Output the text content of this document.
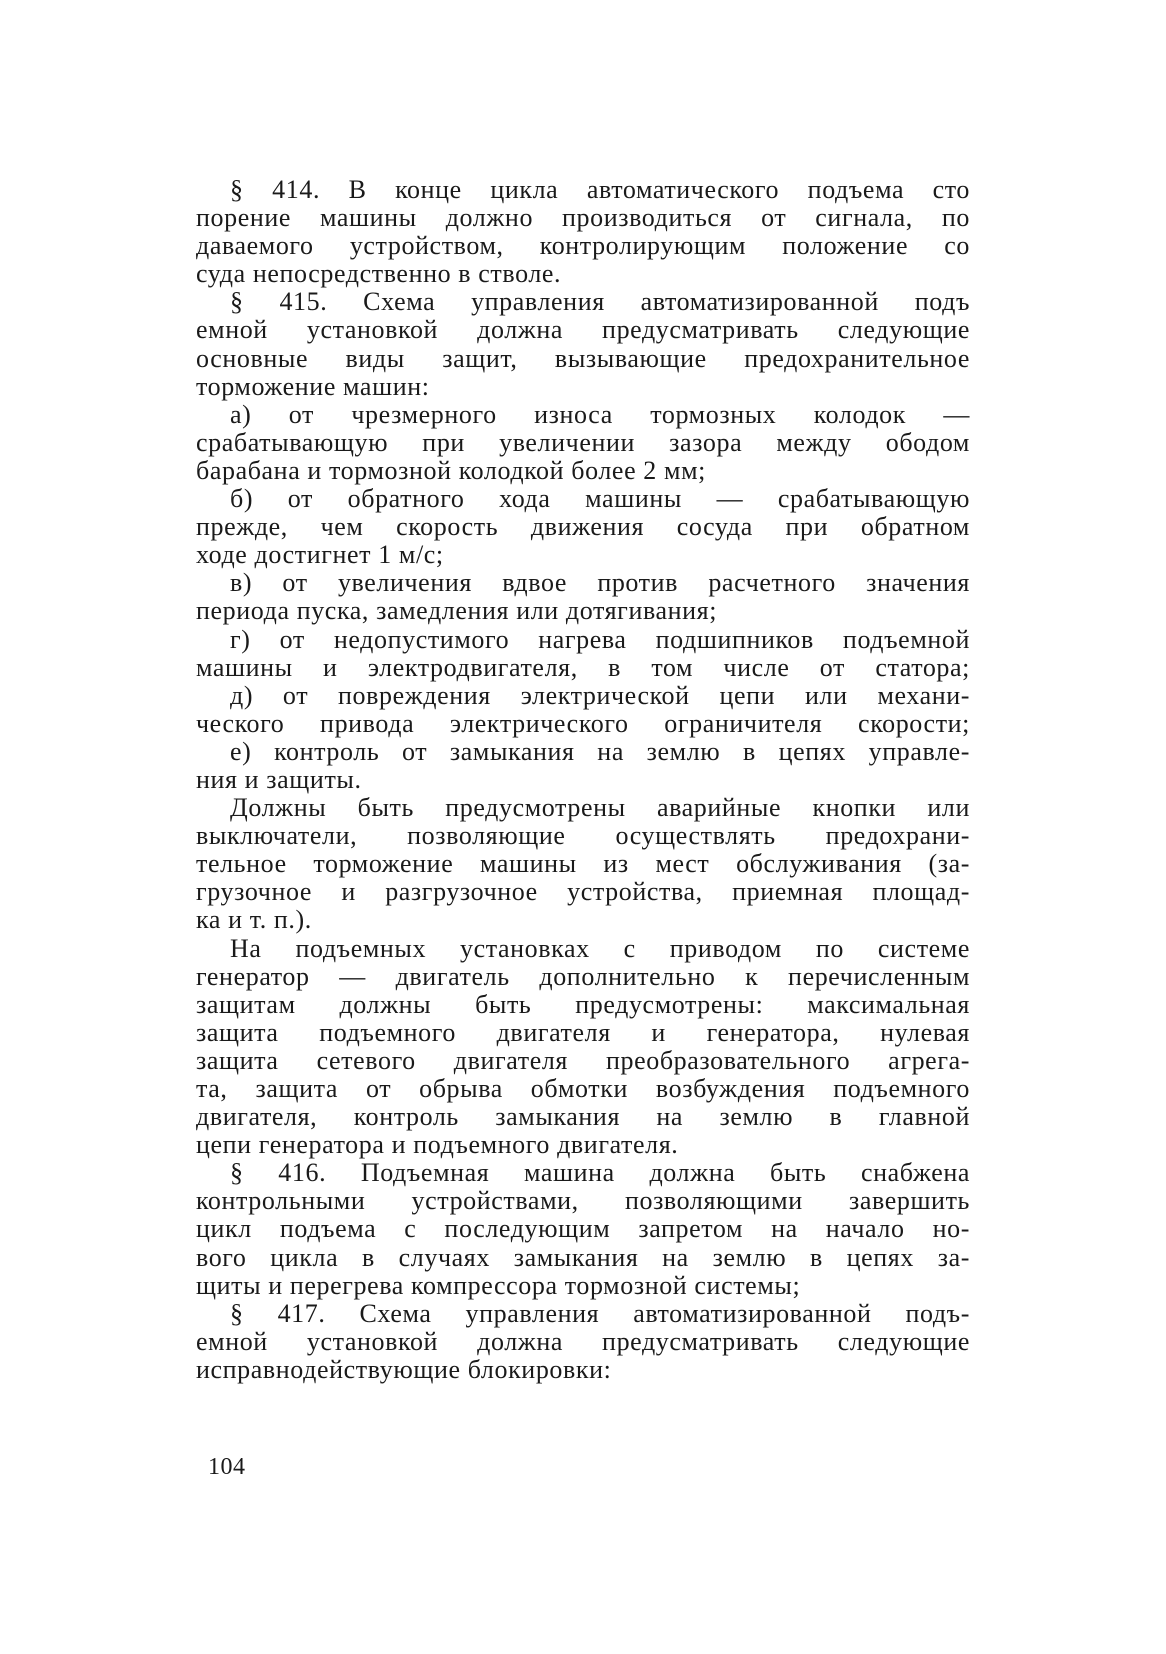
§ 414. В конце цикла автоматического подъема сто
порение машины должно производиться от сигнала, по
даваемого устройством, контролирующим положение со
суда непосредственно в стволе.
§ 415. Схема управления автоматизированной подъ
емной установкой должна предусматривать следующие
основные виды защит, вызывающие предохранительное
торможение машин:
а) от чрезмерного износа тормозных колодок —
срабатывающую при увеличении зазора между ободом
барабана и тормозной колодкой более 2 мм;
б) от обратного хода машины — срабатывающую
прежде, чем скорость движения сосуда при обратном
ходе достигнет 1 м/с;
в) от увеличения вдвое против расчетного значения
периода пуска, замедления или дотягивания;
г) от недопустимого нагрева подшипников подъемной
машины и электродвигателя, в том числе от статора;
д) от повреждения электрической цепи или механи-
ческого привода электрического ограничителя скорости;
е) контроль от замыкания на землю в цепях управле-
ния и защиты.
Должны быть предусмотрены аварийные кнопки или
выключатели, позволяющие осуществлять предохрани-
тельное торможение машины из мест обслуживания (за-
грузочное и разгрузочное устройства, приемная площад-
ка и т. п.).
На подъемных установках с приводом по системе
генератор — двигатель дополнительно к перечисленным
защитам должны быть предусмотрены: максимальная
защита подъемного двигателя и генератора, нулевая
защита сетевого двигателя преобразовательного агрега-
та, защита от обрыва обмотки возбуждения подъемного
двигателя, контроль замыкания на землю в главной
цепи генератора и подъемного двигателя.
§ 416. Подъемная машина должна быть снабжена
контрольными устройствами, позволяющими завершить
цикл подъема с последующим запретом на начало но-
вого цикла в случаях замыкания на землю в цепях за-
щиты и перегрева компрессора тормозной системы;
§ 417. Схема управления автоматизированной подъ-
емной установкой должна предусматривать следующие
исправнодействующие блокировки:
104
